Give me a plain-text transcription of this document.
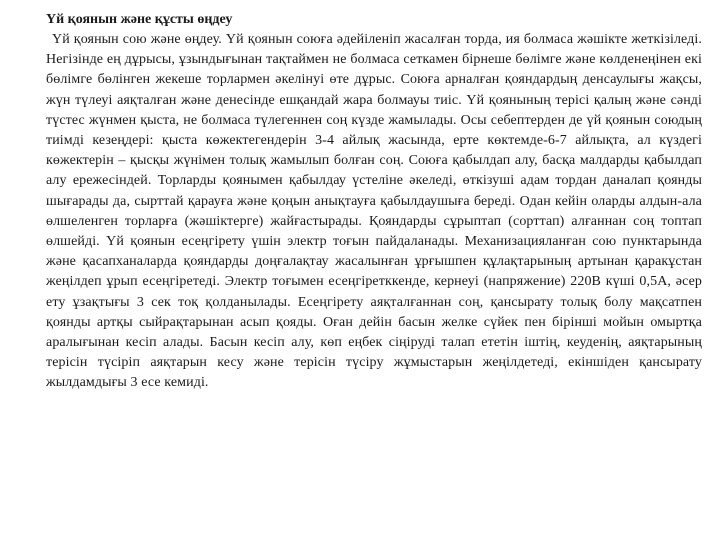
Үй қоянын және құсты өңдеу

Үй қоянын сою және өңдеу. Үй қоянын союға әдейіленіп жасалған торда, ия болмаса жәшікте жеткізіледі. Негізінде ең дұрысы, ұзындығынан тақтаймен не болмаса сеткамен бірнеше бөлімге және көлденеңінен екі бөлімге бөлінген жекеше торлармен әкелінуі өте дұрыс. Союға арналған қояндардың денсаулығы жақсы, жүн түлеуі аяқталған және денесінде ешқандай жара болмауы тиіс. Үй қоянының терісі қалың және сәнді түстес жүнмен қыста, не болмаса түлегеннен соң күзде жамылады. Осы себептерден де үй қоянын союдың тиімді кезеңдері: қыста көжектегендерін 3-4 айлық жасында, ерте көктемде-6-7 айлықта, ал күздегі көжектерін – қысқы жүнімен толық жамылып болған соң. Союға қабылдап алу, басқа малдарды қабылдап алу ережесіндей. Торларды қоянымен қабылдау үстеліне әкеледі, өткізуші адам тордан даналап қоянды шығарады да, сырттай қарауға және қоңын анықтауға қабылдаушыға береді. Одан кейін оларды алдын-ала өлшеленген торларға (жәшіктерге) жайғастырады. Қояндарды сұрыптап (сорттап) алғаннан соң топтап өлшейді. Үй қоянын есеңгірету үшін электр тоғын пайдаланады. Механизацияланған сою пунктарында және қасапханаларда қояндарды доңғалақтау жасалынған ұрғышпен құлақтарының артынан қаракұстан жеңілдеп ұрып есеңгіретеді. Электр тоғымен есеңгіретккенде, кернеуі (напряжение) 220В күші 0,5А, әсер ету ұзақтығы 3 сек тоқ қолданылады. Есеңгірету аяқталғаннан соң, қансырату толық болу мақсатпен қоянды артқы сыйрақтарынан асып қояды. Оған дейін басын желке сүйек пен бірінші мойын омыртқа аралығынан кесіп алады. Басын кесіп алу, көп еңбек сіңіруді талап ететін іштің, кеуденің, аяқтарының терісін түсіріп аяқтарын кесу және терісін түсіру жұмыстарын жеңілдетеді, екіншіден қансырату жылдамдығы 3 есе кемиді.
